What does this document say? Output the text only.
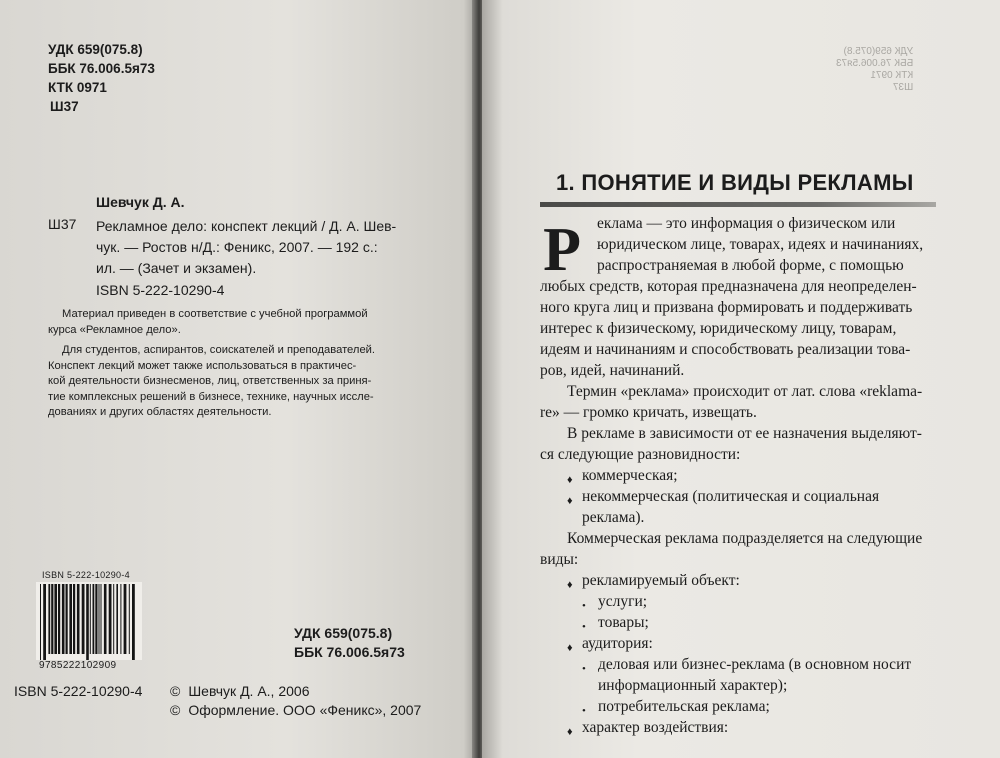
УДК 659(075.8)
ББК 76.006.5я73
КТК 0971
Ш37
Шевчук Д. А.
Ш37 Рекламное дело: конспект лекций / Д. А. Шев-
чук. — Ростов н/Д.: Феникс, 2007. — 192 с.:
ил. — (Зачет и экзамен).
ISBN 5-222-10290-4
Материал приведен в соответствие с учебной программой
курса «Рекламное дело».
Для студентов, аспирантов, соискателей и преподавателей.
Конспект лекций может также использоваться в практичес-
кой деятельности бизнесменов, лиц, ответственных за приня-
тие комплексных решений в бизнесе, технике, научных иссле-
дованиях и других областях деятельности.
ISBN 5-222-10290-4
9785222102909
УДК 659(075.8)
ББК 76.006.5я73
ISBN 5-222-10290-4 © Шевчук Д. А., 2006
© Оформление. ООО «Феникс», 2007
УДК 659(075.8)
ББК 76.006.5я73
КТК 0971
Ш37
1. ПОНЯТИЕ И ВИДЫ РЕКЛАМЫ
Р еклама — это информация о физическом или
юридическом лице, товарах, идеях и начинаниях,
распространяемая в любой форме, с помощью
любых средств, которая предназначена для неопределен-
ного круга лиц и призвана формировать и поддерживать
интерес к физическому, юридическому лицу, товарам,
идеям и начинаниям и способствовать реализации това-
ров, идей, начинаний.
Термин «реклама» происходит от лат. слова «reklama-
re» — громко кричать, извещать.
В рекламе в зависимости от ее назначения выделяют-
ся следующие разновидности:
♦ коммерческая;
♦ некоммерческая (политическая и социальная
реклама).
Коммерческая реклама подразделяется на следующие
виды:
♦ рекламируемый объект:
• услуги;
• товары;
♦ аудитория:
• деловая или бизнес-реклама (в основном носит
информационный характер);
• потребительская реклама;
♦ характер воздействия:
